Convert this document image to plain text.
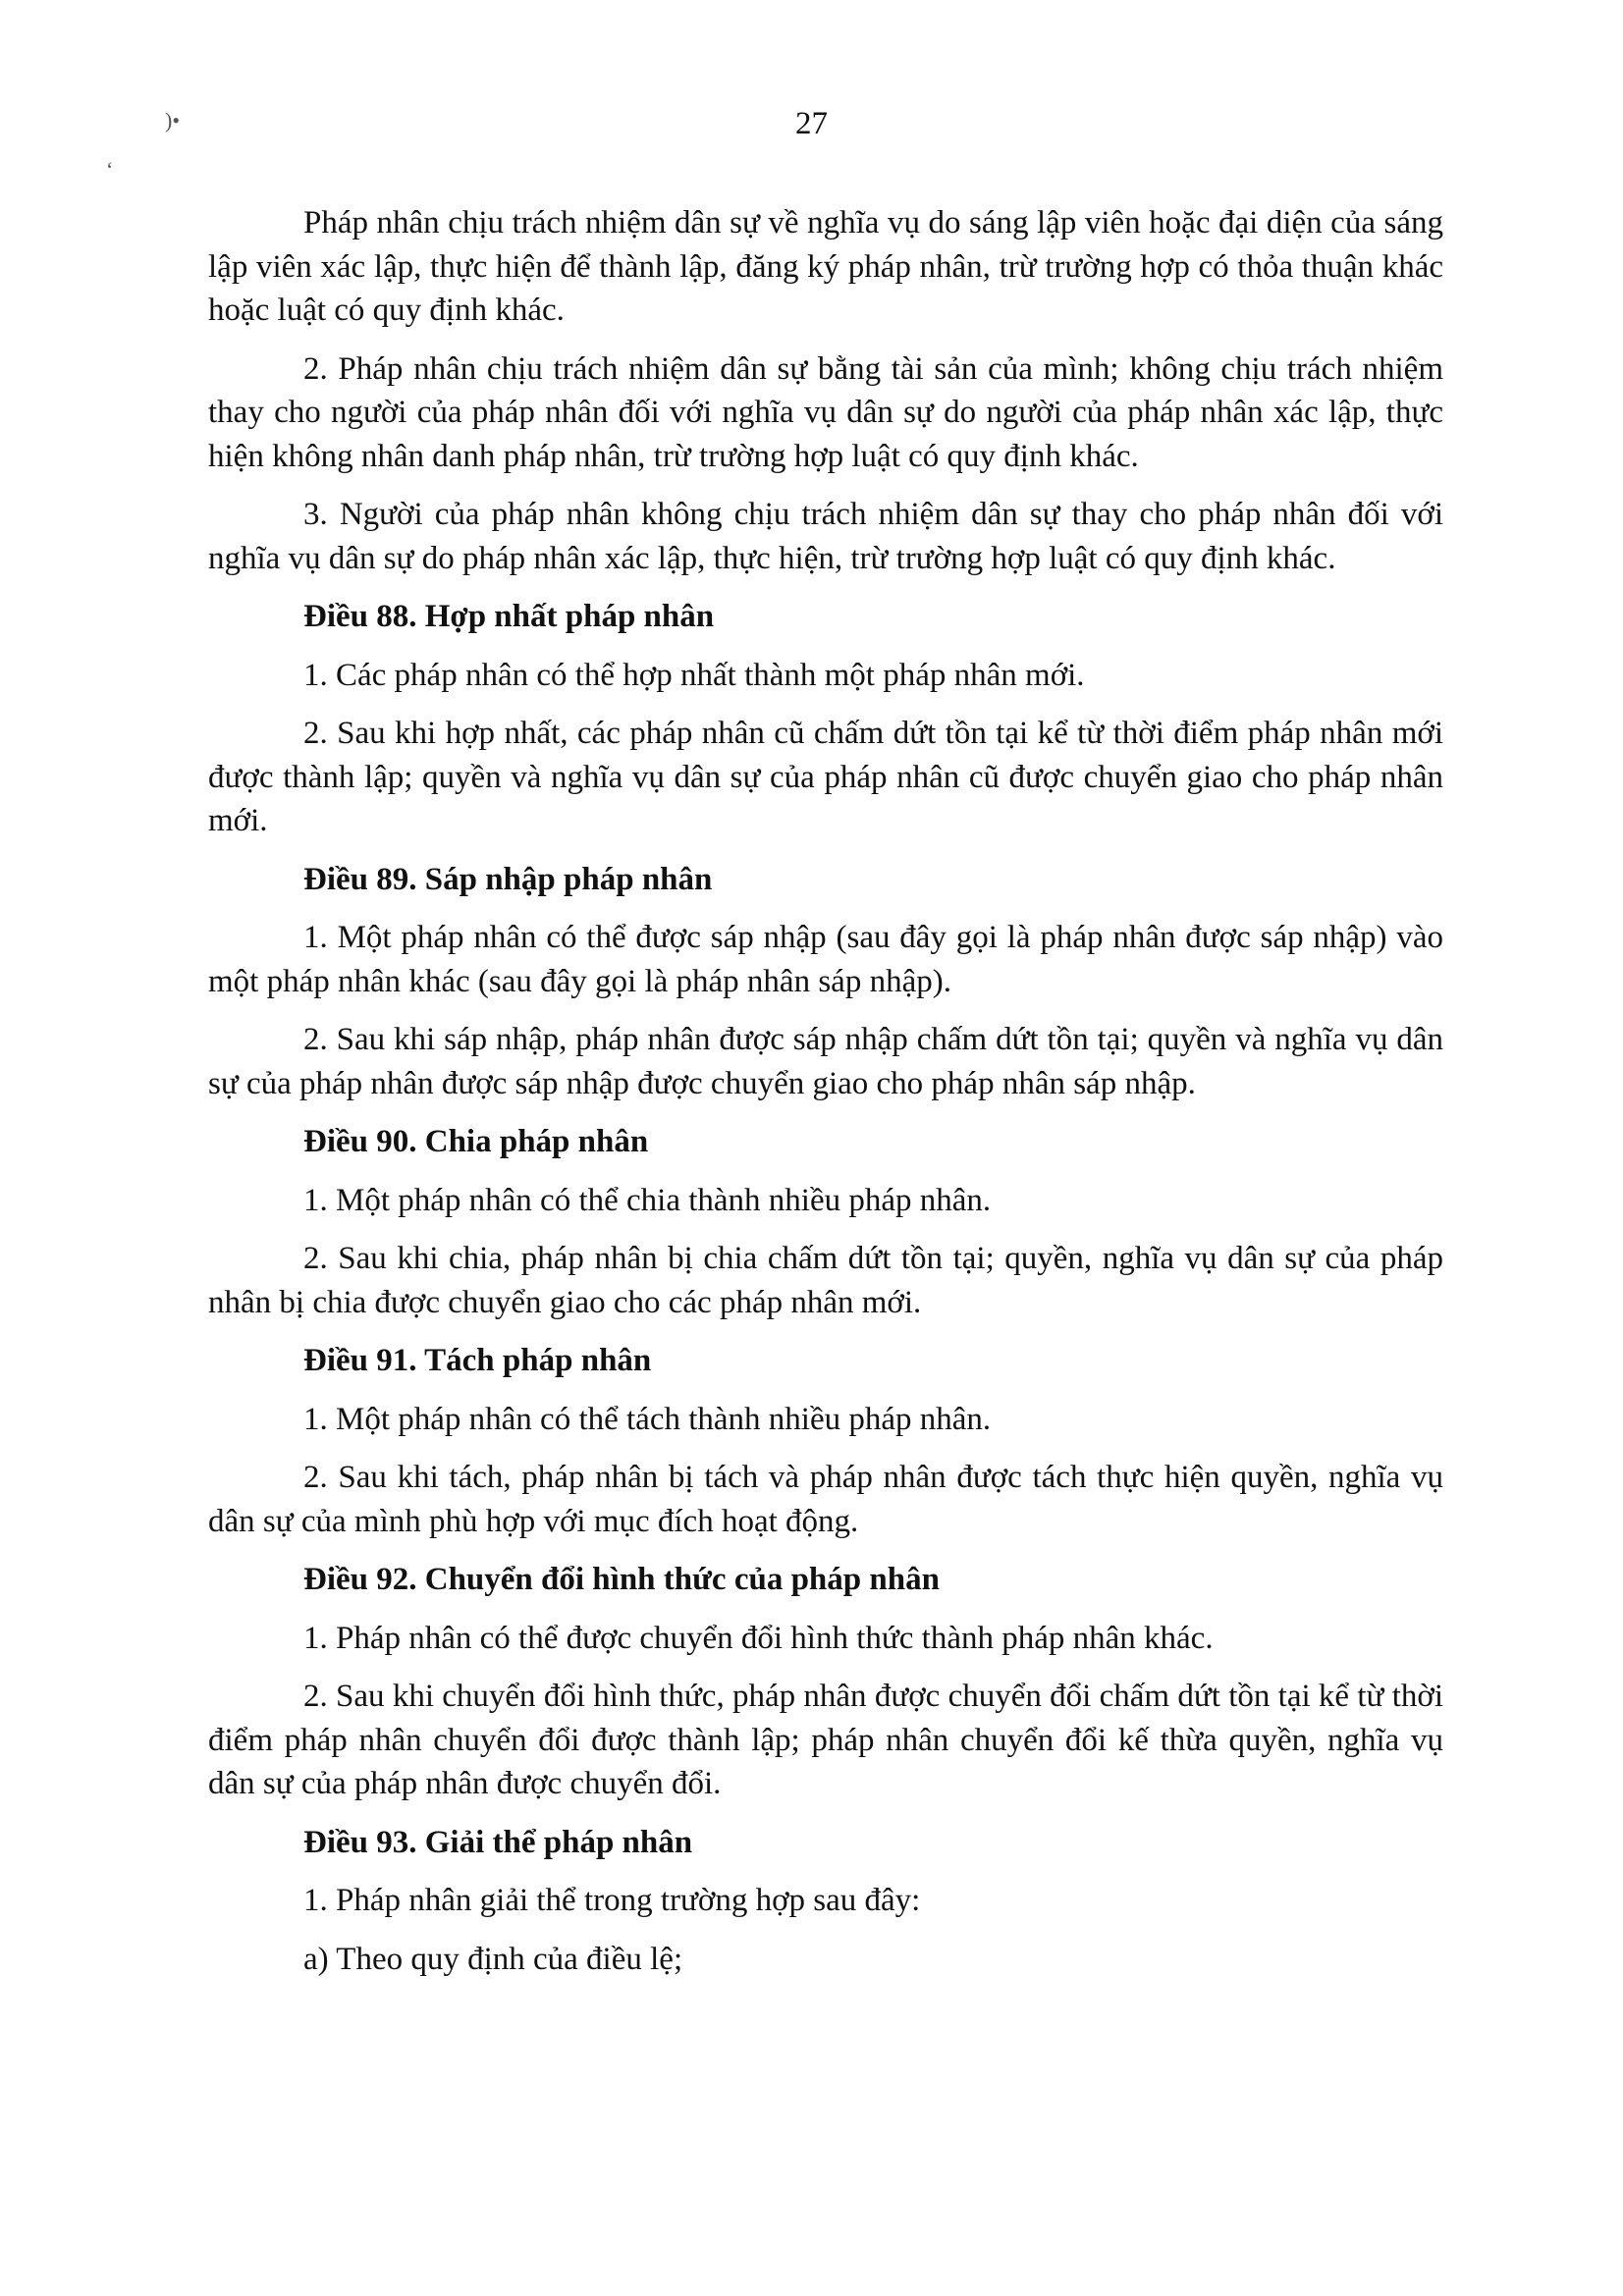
)•
‘
27

Pháp nhân chịu trách nhiệm dân sự về nghĩa vụ do sáng lập viên hoặc đại diện của sáng lập viên xác lập, thực hiện để thành lập, đăng ký pháp nhân, trừ trường hợp có thỏa thuận khác hoặc luật có quy định khác.

2. Pháp nhân chịu trách nhiệm dân sự bằng tài sản của mình; không chịu trách nhiệm thay cho người của pháp nhân đối với nghĩa vụ dân sự do người của pháp nhân xác lập, thực hiện không nhân danh pháp nhân, trừ trường hợp luật có quy định khác.

3. Người của pháp nhân không chịu trách nhiệm dân sự thay cho pháp nhân đối với nghĩa vụ dân sự do pháp nhân xác lập, thực hiện, trừ trường hợp luật có quy định khác.

Điều 88. Hợp nhất pháp nhân

1. Các pháp nhân có thể hợp nhất thành một pháp nhân mới.

2. Sau khi hợp nhất, các pháp nhân cũ chấm dứt tồn tại kể từ thời điểm pháp nhân mới được thành lập; quyền và nghĩa vụ dân sự của pháp nhân cũ được chuyển giao cho pháp nhân mới.

Điều 89. Sáp nhập pháp nhân

1. Một pháp nhân có thể được sáp nhập (sau đây gọi là pháp nhân được sáp nhập) vào một pháp nhân khác (sau đây gọi là pháp nhân sáp nhập).

2. Sau khi sáp nhập, pháp nhân được sáp nhập chấm dứt tồn tại; quyền và nghĩa vụ dân sự của pháp nhân được sáp nhập được chuyển giao cho pháp nhân sáp nhập.

Điều 90. Chia pháp nhân

1. Một pháp nhân có thể chia thành nhiều pháp nhân.

2. Sau khi chia, pháp nhân bị chia chấm dứt tồn tại; quyền, nghĩa vụ dân sự của pháp nhân bị chia được chuyển giao cho các pháp nhân mới.

Điều 91. Tách pháp nhân

1. Một pháp nhân có thể tách thành nhiều pháp nhân.

2. Sau khi tách, pháp nhân bị tách và pháp nhân được tách thực hiện quyền, nghĩa vụ dân sự của mình phù hợp với mục đích hoạt động.

Điều 92. Chuyển đổi hình thức của pháp nhân

1. Pháp nhân có thể được chuyển đổi hình thức thành pháp nhân khác.

2. Sau khi chuyển đổi hình thức, pháp nhân được chuyển đổi chấm dứt tồn tại kể từ thời điểm pháp nhân chuyển đổi được thành lập; pháp nhân chuyển đổi kế thừa quyền, nghĩa vụ dân sự của pháp nhân được chuyển đổi.

Điều 93. Giải thể pháp nhân

1. Pháp nhân giải thể trong trường hợp sau đây:

a) Theo quy định của điều lệ;
